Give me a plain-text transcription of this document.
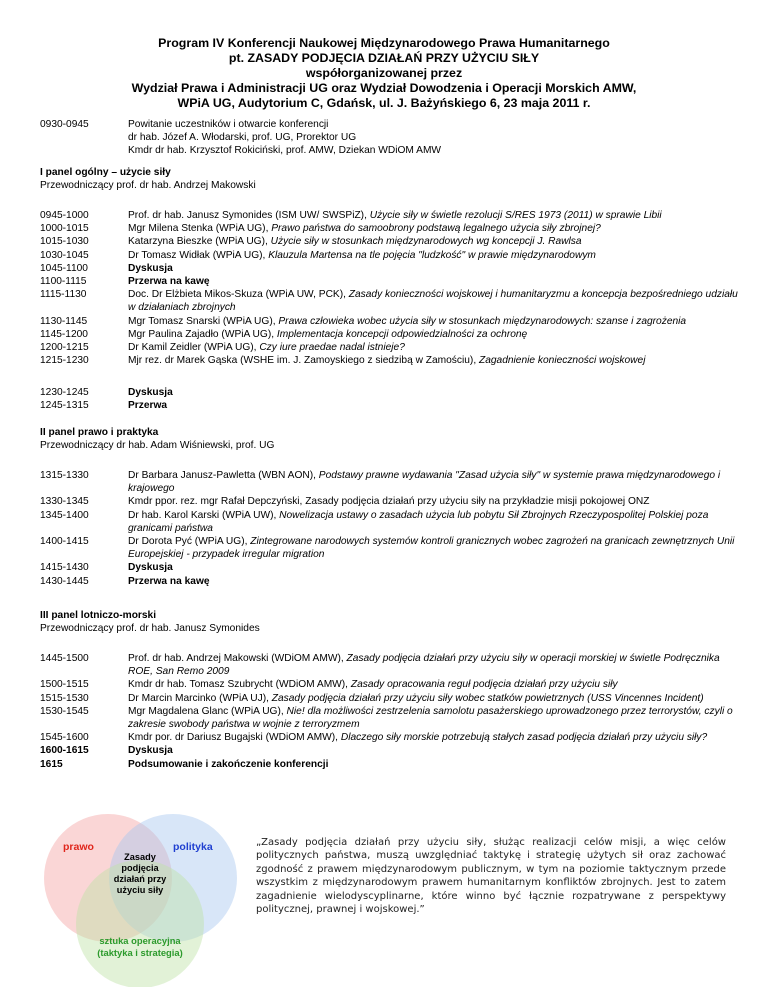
Program IV Konferencji Naukowej Międzynarodowego Prawa Humanitarnego
pt. ZASADY PODJĘCIA DZIAŁAŃ PRZY UŻYCIU SIŁY
współorganizowanej przez
Wydział Prawa i Administracji UG oraz Wydział Dowodzenia i Operacji Morskich AMW,
WPiA UG, Audytorium C, Gdańsk, ul. J. Bażyńskiego 6, 23 maja 2011 r.
0930-0945	Powitanie uczestników i otwarcie konferencji
dr hab. Józef A. Włodarski, prof. UG, Prorektor UG
Kmdr dr hab. Krzysztof Rokiciński, prof. AMW, Dziekan WDiOM AMW
I panel ogólny – użycie siły
Przewodniczący prof. dr hab. Andrzej Makowski
0945-1000	Prof. dr hab. Janusz Symonides (ISM UW/ SWSPiZ), Użycie siły w świetle rezolucji S/RES 1973 (2011) w sprawie Libii
1000-1015	Mgr Milena Stenka (WPiA UG), Prawo państwa do samoobrony podstawą legalnego użycia siły zbrojnej?
1015-1030	Katarzyna Bieszke (WPiA UG), Użycie siły w stosunkach międzynarodowych wg koncepcji J. Rawlsa
1030-1045	Dr Tomasz Widłak (WPiA UG), Klauzula Martensa na tle pojęcia "ludzkość" w prawie międzynarodowym
1045-1100	Dyskusja
1100-1115	Przerwa na kawę
1115-1130	Doc. Dr Elżbieta Mikos-Skuza (WPiA UW, PCK), Zasady konieczności wojskowej i humanitaryzmu a koncepcja bezpośredniego udziału w działaniach zbrojnych
1130-1145	Mgr Tomasz Snarski (WPiA UG), Prawa człowieka wobec użycia siły w stosunkach międzynarodowych: szanse i zagrożenia
1145-1200	Mgr Paulina Zajadło (WPiA UG), Implementacja koncepcji odpowiedzialności za ochronę
1200-1215	Dr Kamil Zeidler (WPiA UG), Czy iure praedae nadal istnieje?
1215-1230	Mjr rez. dr Marek Gąska (WSHE im. J. Zamoyskiego z siedzibą w Zamościu), Zagadnienie konieczności wojskowej
1230-1245	Dyskusja
1245-1315	Przerwa
II panel prawo i praktyka
Przewodniczący dr hab. Adam Wiśniewski, prof. UG
1315-1330	Dr Barbara Janusz-Pawletta (WBN AON), Podstawy prawne wydawania "Zasad użycia siły" w systemie prawa międzynarodowego i krajowego
1330-1345	Kmdr ppor. rez. mgr Rafał Depczyński, Zasady podjęcia działań przy użyciu siły na przykładzie misji pokojowej ONZ
1345-1400	Dr hab. Karol Karski (WPiA UW), Nowelizacja ustawy o zasadach użycia lub pobytu Sił Zbrojnych Rzeczypospolitej Polskiej poza granicami państwa
1400-1415	Dr Dorota Pyć (WPiA UG), Zintegrowane narodowych systemów kontroli granicznych wobec zagrożeń na granicach zewnętrznych Unii Europejskiej - przypadek irregular migration
1415-1430	Dyskusja
1430-1445	Przerwa na kawę
III panel lotniczo-morski
Przewodniczący prof. dr hab. Janusz Symonides
1445-1500	Prof. dr hab. Andrzej Makowski (WDiOM AMW), Zasady podjęcia działań przy użyciu siły w operacji morskiej w świetle Podręcznika ROE, San Remo 2009
1500-1515	Kmdr dr hab. Tomasz Szubrycht (WDiOM AMW), Zasady opracowania reguł podjęcia działań przy użyciu siły
1515-1530	Dr Marcin Marcinko (WPiA UJ), Zasady podjęcia działań przy użyciu siły wobec statków powietrznych (USS Vincennes Incident)
1530-1545	Mgr Magdalena Glanc (WPiA UG), Nie! dla możliwości zestrzelenia samolotu pasażerskiego uprowadzonego przez terrorystów, czyli o zakresie swobody państwa w wojnie z terroryzmem
1545-1600	Kmdr por. dr Dariusz Bugajski (WDiOM AMW), Dlaczego siły morskie potrzebują stałych zasad podjęcia działań przy użyciu siły?
1600-1615	Dyskusja
1615	Podsumowanie i zakończenie konferencji
prawo	polityka
Zasady
podjęcia
działań przy
użyciu siły
sztuka operacyjna
(taktyka i strategia)
„Zasady podjęcia działań przy użyciu siły, służąc realizacji celów misji, a więc celów politycznych państwa, muszą uwzględniać taktykę i strategię użytych sił oraz zachować zgodność z prawem międzynarodowym publicznym, w tym na poziomie taktycznym przede wszystkim z międzynarodowym prawem humanitarnym konfliktów zbrojnych. Jest to zatem zagadnienie wielodyscyplinarne, które winno być łącznie rozpatrywane z perspektywy politycznej, prawnej i wojskowej.”
